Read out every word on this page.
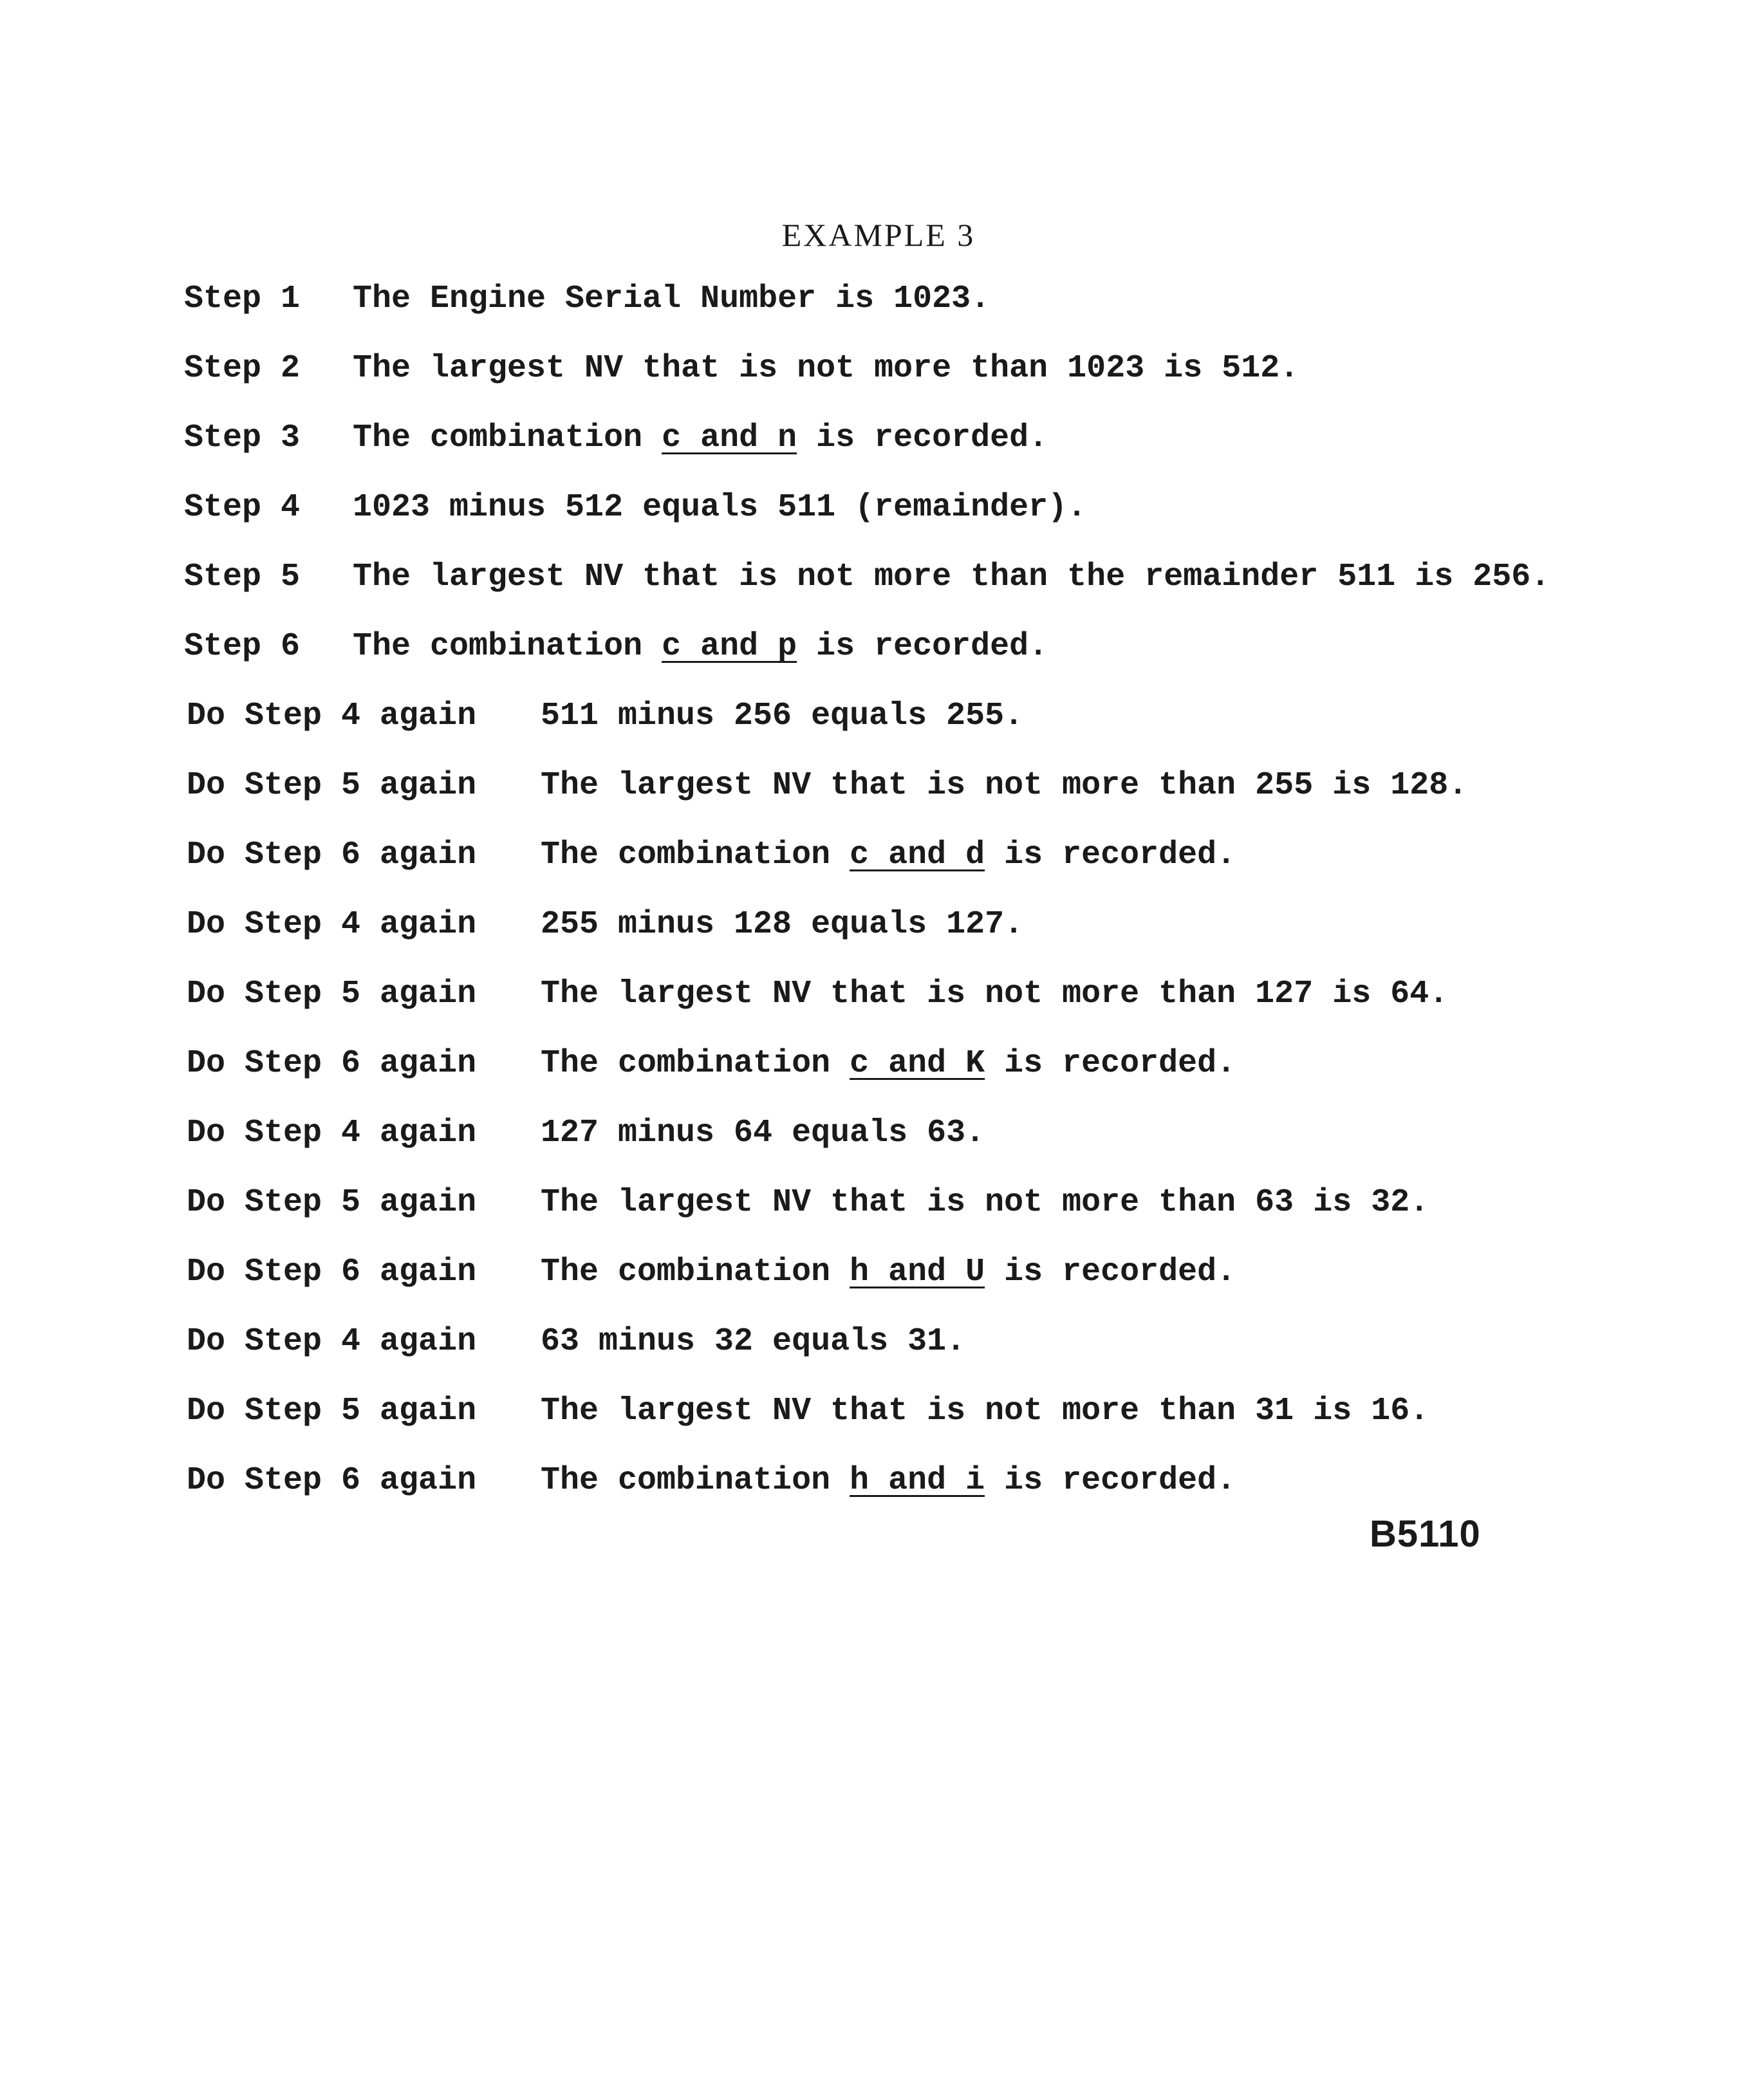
EXAMPLE 3

Step 1

The Engine Serial Number is 1023.

Step 2

The largest NV that is not more than 1023 is 512.

Step 3

The combination c and n is recorded.

Step 4

1023 minus 512 equals 511 (remainder).

Step 5

The largest NV that is not more than the remainder 511 is 256.

Step 6

The combination c and p is recorded.

Do Step 4 again

511 minus 256 equals 255.

Do Step 5 again

The largest NV that is not more than 255 is 128.

Do Step 6 again

The combination c and d is recorded.

Do Step 4 again

255 minus 128 equals 127.

Do Step 5 again

The largest NV that is not more than 127 is 64.

Do Step 6 again

The combination c and K is recorded.

Do Step 4 again

127 minus 64 equals 63.

Do Step 5 again

The largest NV that is not more than 63 is 32.

Do Step 6 again

The combination h and U is recorded.

Do Step 4 again

63 minus 32 equals 31.

Do Step 5 again

The largest NV that is not more than 31 is 16.

Do Step 6 again

The combination h and i is recorded.

B5110
